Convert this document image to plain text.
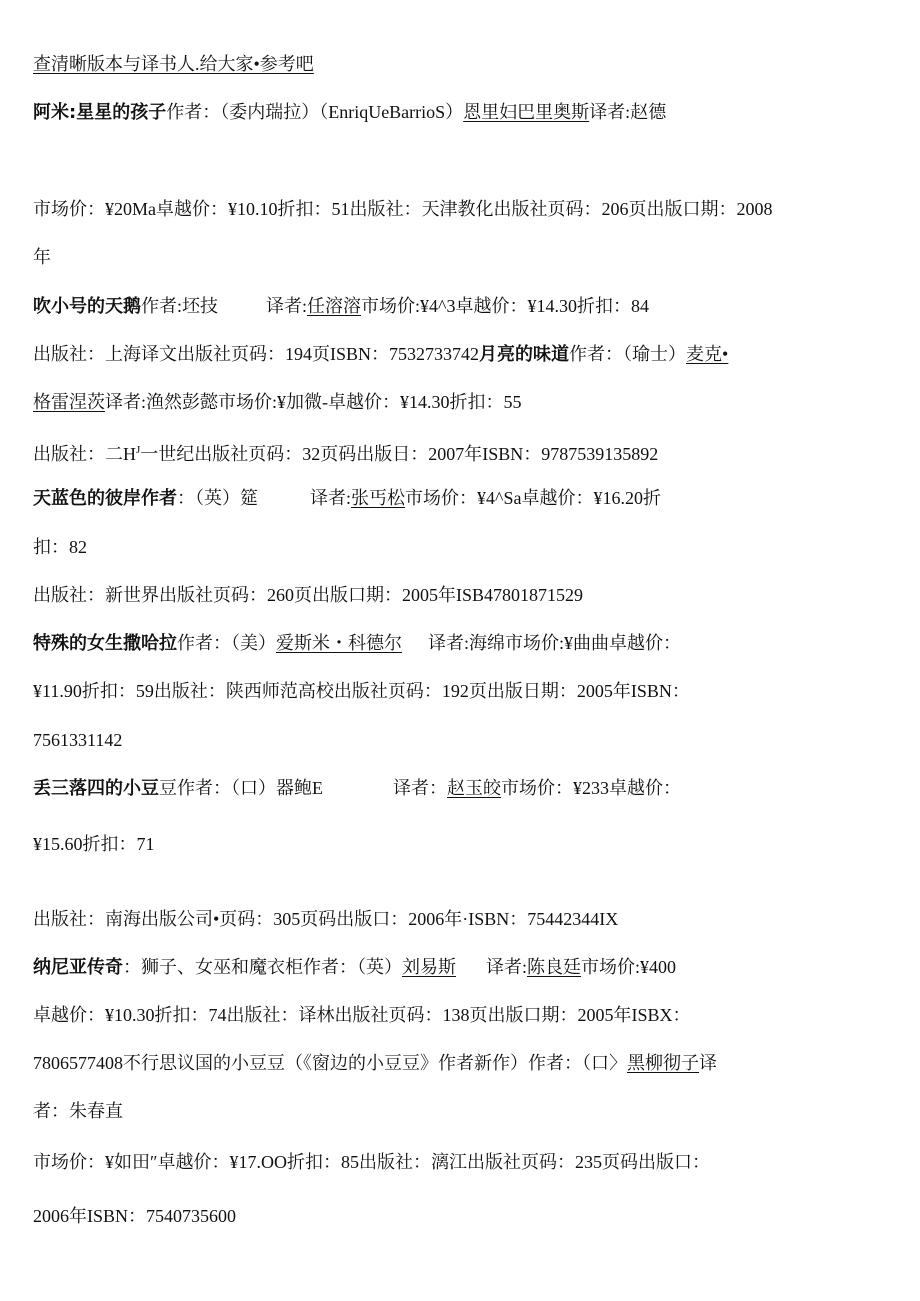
查清晰版本与译书人.给大家•参考吧
阿米:星星的孩子作者：（委内瑞拉）（EnriqUeBarrioS）恩里妇巴里奥斯译者:赵德
市场价：¥20Ma卓越价：¥10.10折扣：51出版社：天津教化出版社页码：206页出版口期：2008
年
吹小号的天鹅作者:坯技	译者:任溶溶市场价:¥4^3卓越价：¥14.30折扣：84
出版社：上海译文出版社页码：194页ISBN：7532733742月亮的味道作者：（瑜士）麦克•
格雷涅茨译者:渔然彭懿市场价:¥加微-卓越价：¥14.30折扣：55
出版社：二$H^J$一世纪出版社页码：32页码出版日：2007年ISBN：9787539135892
天蓝色的彼岸作者：（英）筵	译者:张丐松市场价：¥4^Sa卓越价：¥16.20折
扣：82
出版社：新世界出版社页码：260页出版口期：2005年ISB47801871529
特殊的女生撒哈拉作者：（美）爱斯米・科德尔 译者:海绵市场价:¥曲曲卓越价：
¥11.90折扣：59出版社：陕西师范高校出版社页码：192页出版日期：2005年ISBN：
7561331142
丢三落四的小豆豆作者：（口）器鲍E	译者：赵玉皎市场价：¥233卓越价：
¥15.60折扣：71
出版社：南海出版公司•页码：305页码出版口：2006年·ISBN：75442344IX
纳尼亚传奇：狮子、女巫和魔衣柜作者：（英）刘易斯 译者:陈良廷市场价:¥400
卓越价：¥10.30折扣：74出版社：译林出版社页码：138页出版口期：2005年ISBX：
7806577408不行思议国的小豆豆（《窗边的小豆豆》作者新作）作者：（口〉黑柳彻子译
者：朱春直
市场价：¥如田″卓越价：¥17.OO折扣：85出版社：漓江出版社页码：235页码出版口：
2006年ISBN：7540735600
